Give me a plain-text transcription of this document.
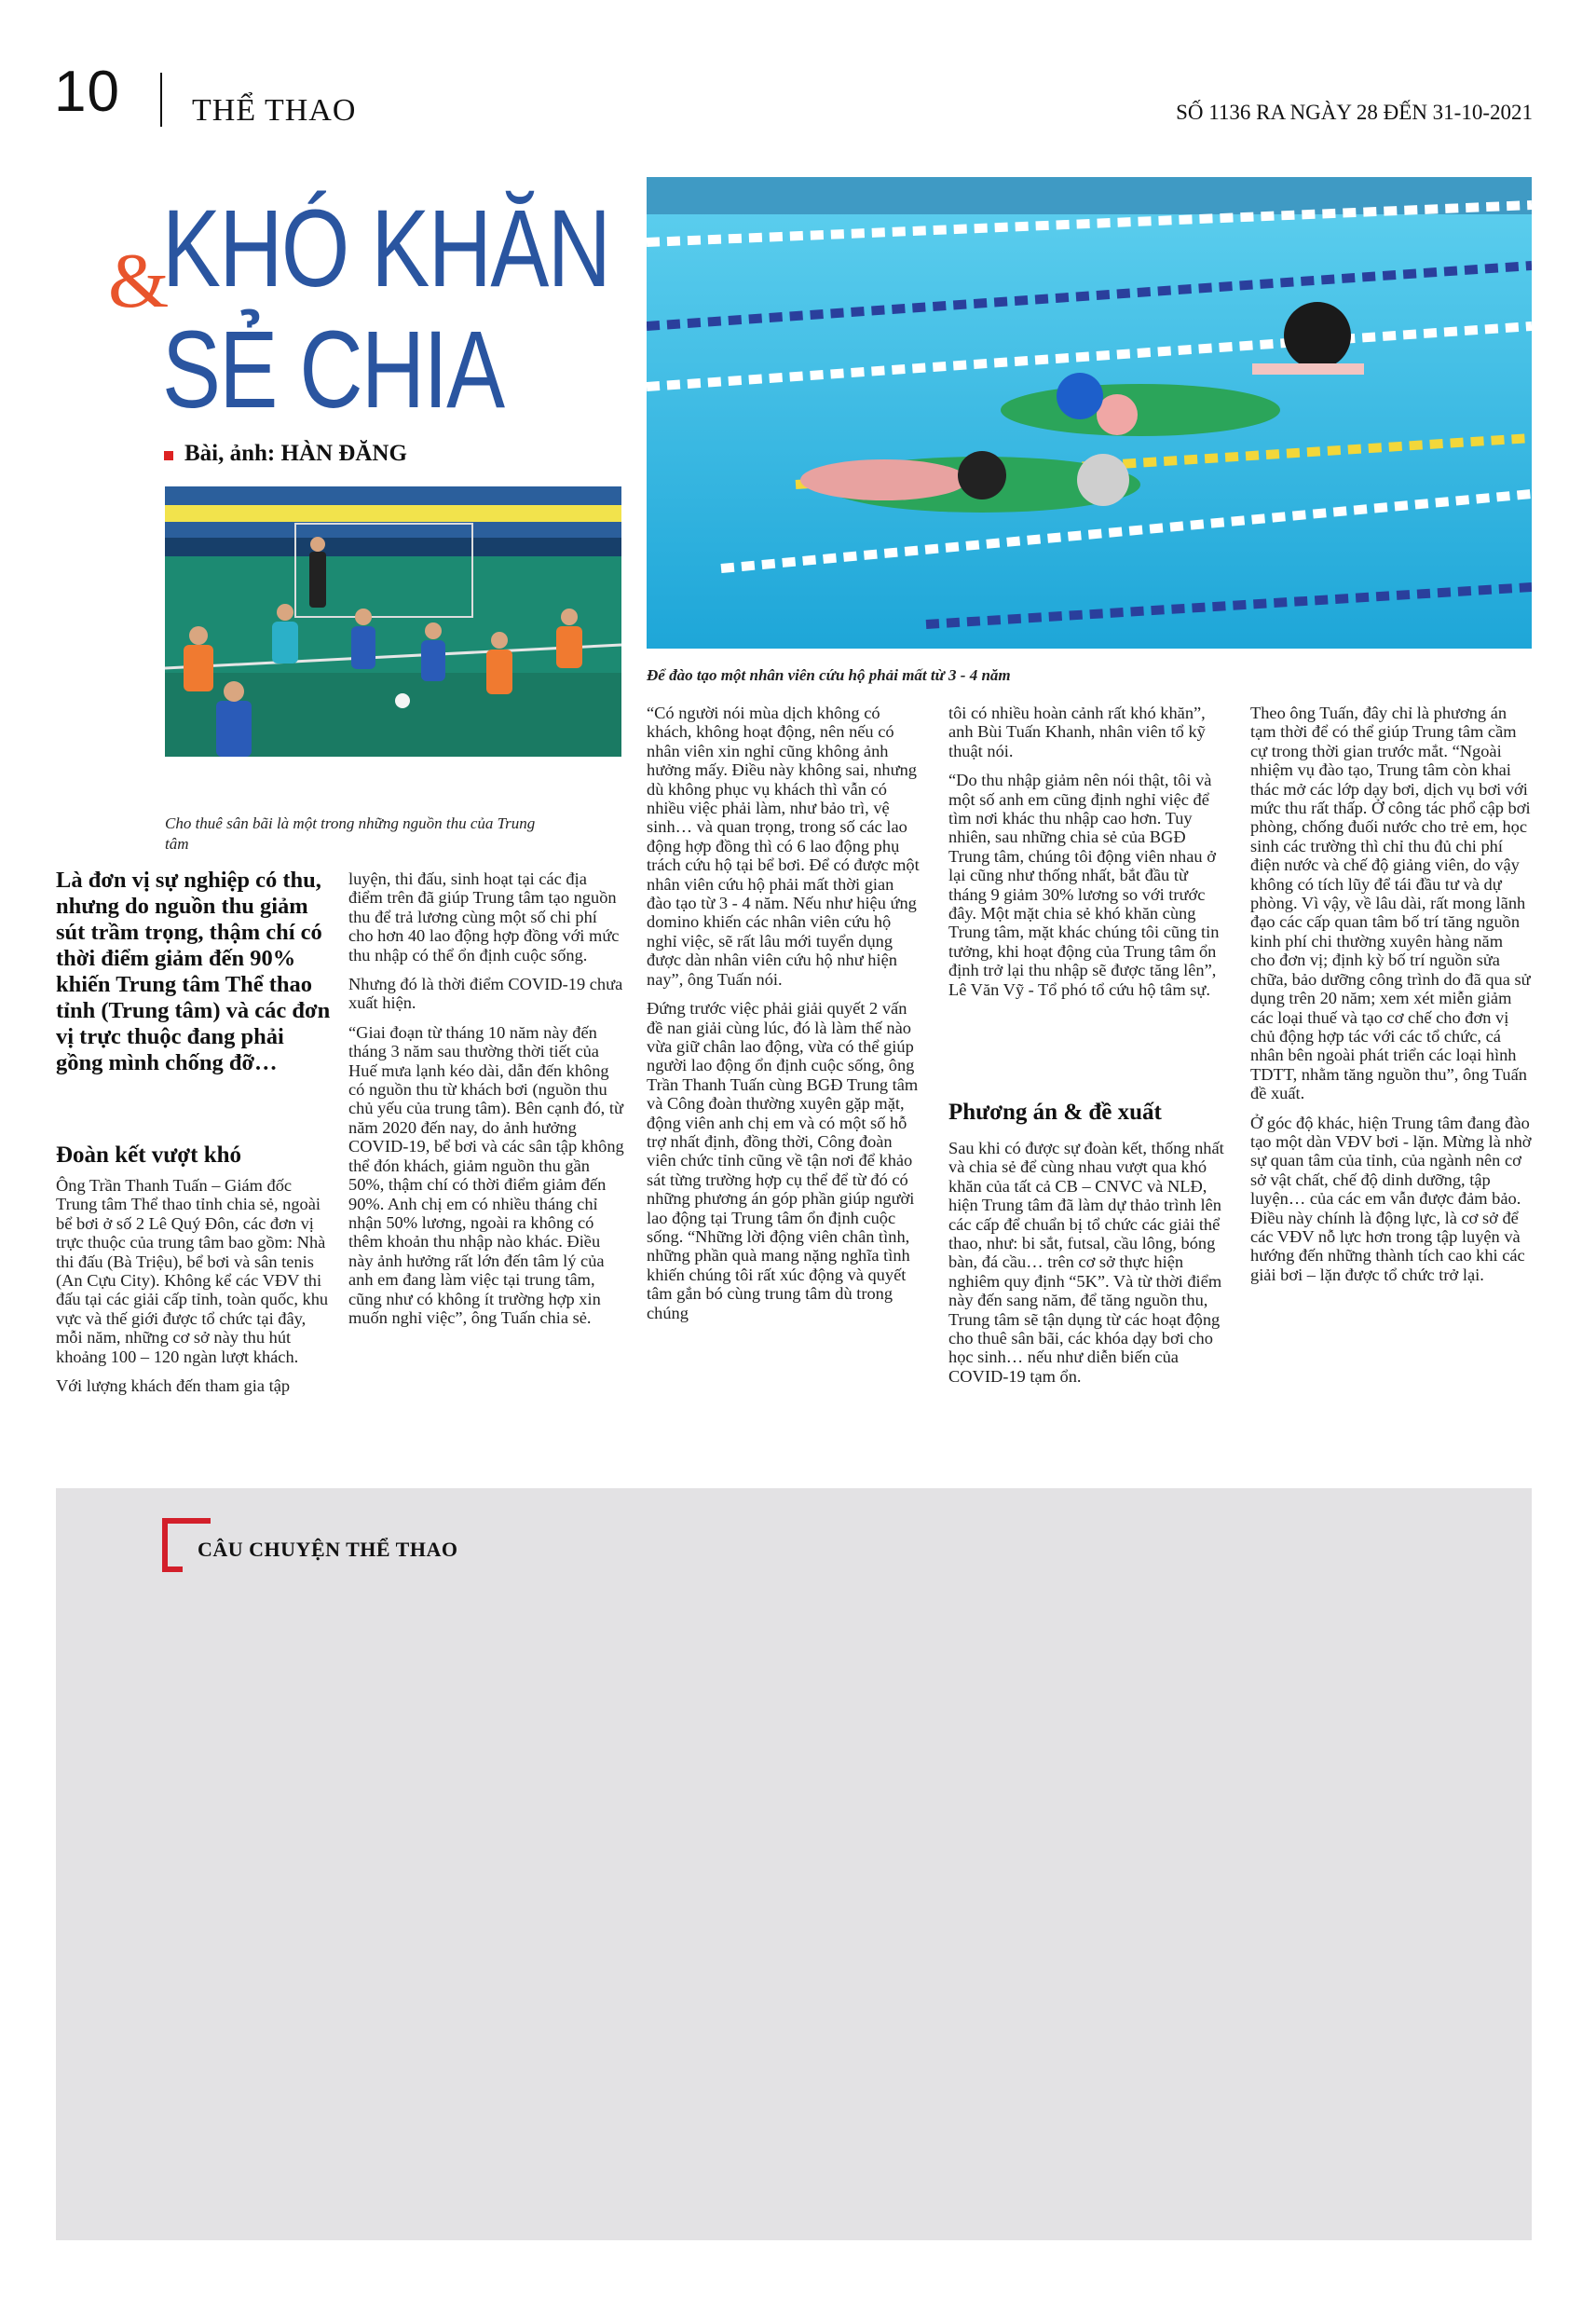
10 THỂ THAO	SỐ 1136 RA NGÀY 28 ĐẾN 31-10-2021
KHÓ KHĂN
&
SẺ CHIA
Bài, ảnh: HÀN ĐĂNG
Cho thuê sân bãi là một trong những nguồn thu của Trung tâm
Để đào tạo một nhân viên cứu hộ phải mất từ 3 - 4 năm
Là đơn vị sự nghiệp có thu, nhưng do nguồn thu giảm sút trầm trọng, thậm chí có thời điểm giảm đến 90% khiến Trung tâm Thể thao tỉnh (Trung tâm) và các đơn vị trực thuộc đang phải gồng mình chống đỡ…
Đoàn kết vượt khó

Ông Trần Thanh Tuấn – Giám đốc Trung tâm Thể thao tỉnh chia sẻ, ngoài bể bơi ở số 2 Lê Quý Đôn, các đơn vị trực thuộc của trung tâm bao gồm: Nhà thi đấu (Bà Triệu), bể bơi và sân tenis (An Cựu City). Không kể các VĐV thi đấu tại các giải cấp tỉnh, toàn quốc, khu vực và thế giới được tổ chức tại đây, mỗi năm, những cơ sở này thu hút khoảng 100 – 120 ngàn lượt khách.

Với lượng khách đến tham gia tập

luyện, thi đấu, sinh hoạt tại các địa điểm trên đã giúp Trung tâm tạo nguồn thu để trả lương cùng một số chi phí cho hơn 40 lao động hợp đồng với mức thu nhập có thể ổn định cuộc sống.

Nhưng đó là thời điểm COVID-19 chưa xuất hiện.

“Giai đoạn từ tháng 10 năm này đến tháng 3 năm sau thường thời tiết của Huế mưa lạnh kéo dài, dẫn đến không có nguồn thu từ khách bơi (nguồn thu chủ yếu của trung tâm). Bên cạnh đó, từ năm 2020 đến nay, do ảnh hưởng COVID-19, bể bơi và các sân tập không thể đón khách, giảm nguồn thu gần 50%, thậm chí có thời điểm giảm đến 90%. Anh chị em có nhiều tháng chỉ nhận 50% lương, ngoài ra không có thêm khoản thu nhập nào khác. Điều này ảnh hưởng rất lớn đến tâm lý của anh em đang làm việc tại trung tâm, cũng như có không ít trường hợp xin muốn nghỉ việc”, ông Tuấn chia sẻ.

“Có người nói mùa dịch không có khách, không hoạt động, nên nếu có nhân viên xin nghỉ cũng không ảnh hưởng mấy. Điều này không sai, nhưng dù không phục vụ khách thì vẫn có nhiều việc phải làm, như bảo trì, vệ sinh… và quan trọng, trong số các lao động hợp đồng thì có 6 lao động phụ trách cứu hộ tại bể bơi. Để có được một nhân viên cứu hộ phải mất thời gian đào tạo từ 3 - 4 năm. Nếu như hiệu ứng domino khiến các nhân viên cứu hộ nghỉ việc, sẽ rất lâu mới tuyển dụng được dàn nhân viên cứu hộ như hiện nay”, ông Tuấn nói.

Đứng trước việc phải giải quyết 2 vấn đề nan giải cùng lúc, đó là làm thế nào vừa giữ chân lao động, vừa có thể giúp người lao động ổn định cuộc sống, ông Trần Thanh Tuấn cùng BGĐ Trung tâm và Công đoàn thường xuyên gặp mặt, động viên anh chị em và có một số hỗ trợ nhất định, đồng thời, Công đoàn viên chức tỉnh cũng về tận nơi để khảo sát từng trường hợp cụ thể để từ đó có những phương án góp phần giúp người lao động tại Trung tâm ổn định cuộc sống. “Những lời động viên chân tình, những phần quà mang nặng nghĩa tình khiến chúng tôi rất xúc động và quyết tâm gắn bó cùng trung tâm dù trong chúng

tôi có nhiều hoàn cảnh rất khó khăn”, anh Bùi Tuấn Khanh, nhân viên tổ kỹ thuật nói.

“Do thu nhập giảm nên nói thật, tôi và một số anh em cũng định nghỉ việc để tìm nơi khác thu nhập cao hơn. Tuy nhiên, sau những chia sẻ của BGĐ Trung tâm, chúng tôi động viên nhau ở lại cũng như thống nhất, bắt đầu từ tháng 9 giảm 30% lương so với trước đây. Một mặt chia sẻ khó khăn cùng Trung tâm, mặt khác chúng tôi cũng tin tưởng, khi hoạt động của Trung tâm ổn định trở lại thu nhập sẽ được tăng lên”, Lê Văn Vỹ - Tổ phó tổ cứu hộ tâm sự.

Phương án & đề xuất

Sau khi có được sự đoàn kết, thống nhất và chia sẻ để cùng nhau vượt qua khó khăn của tất cả CB – CNVC và NLĐ, hiện Trung tâm đã làm dự thảo trình lên các cấp để chuẩn bị tổ chức các giải thể thao, như: bi sắt, futsal, cầu lông, bóng bàn, đá cầu… trên cơ sở thực hiện nghiêm quy định “5K”. Và từ thời điểm này đến sang năm, để tăng nguồn thu, Trung tâm sẽ tận dụng từ các hoạt động cho thuê sân bãi, các khóa dạy bơi cho học sinh… nếu như diễn biến của COVID-19 tạm ổn.

Theo ông Tuấn, đây chỉ là phương án tạm thời để có thể giúp Trung tâm cầm cự trong thời gian trước mắt. “Ngoài nhiệm vụ đào tạo, Trung tâm còn khai thác mở các lớp dạy bơi, dịch vụ bơi với mức thu rất thấp. Ở công tác phổ cập bơi phòng, chống đuối nước cho trẻ em, học sinh các trường thì chỉ thu đủ chi phí điện nước và chế độ giảng viên, do vậy không có tích lũy để tái đầu tư và dự phòng. Vì vậy, về lâu dài, rất mong lãnh đạo các cấp quan tâm bố trí tăng nguồn kinh phí chi thường xuyên hàng năm cho đơn vị; định kỳ bố trí nguồn sửa chữa, bảo dưỡng công trình do đã qua sử dụng trên 20 năm; xem xét miễn giảm các loại thuế và tạo cơ chế cho đơn vị chủ động hợp tác với các tổ chức, cá nhân bên ngoài phát triển các loại hình TDTT, nhằm tăng nguồn thu”, ông Tuấn đề xuất.

Ở góc độ khác, hiện Trung tâm đang đào tạo một dàn VĐV bơi - lặn. Mừng là nhờ sự quan tâm của tỉnh, của ngành nên cơ sở vật chất, chế độ dinh dưỡng, tập luyện… của các em vẫn được đảm bảo. Điều này chính là động lực, là cơ sở để các VĐV nỗ lực hơn trong tập luyện và hướng đến những thành tích cao khi các giải bơi – lặn được tổ chức trở lại.

CÂU CHUYỆN THỂ THAO
